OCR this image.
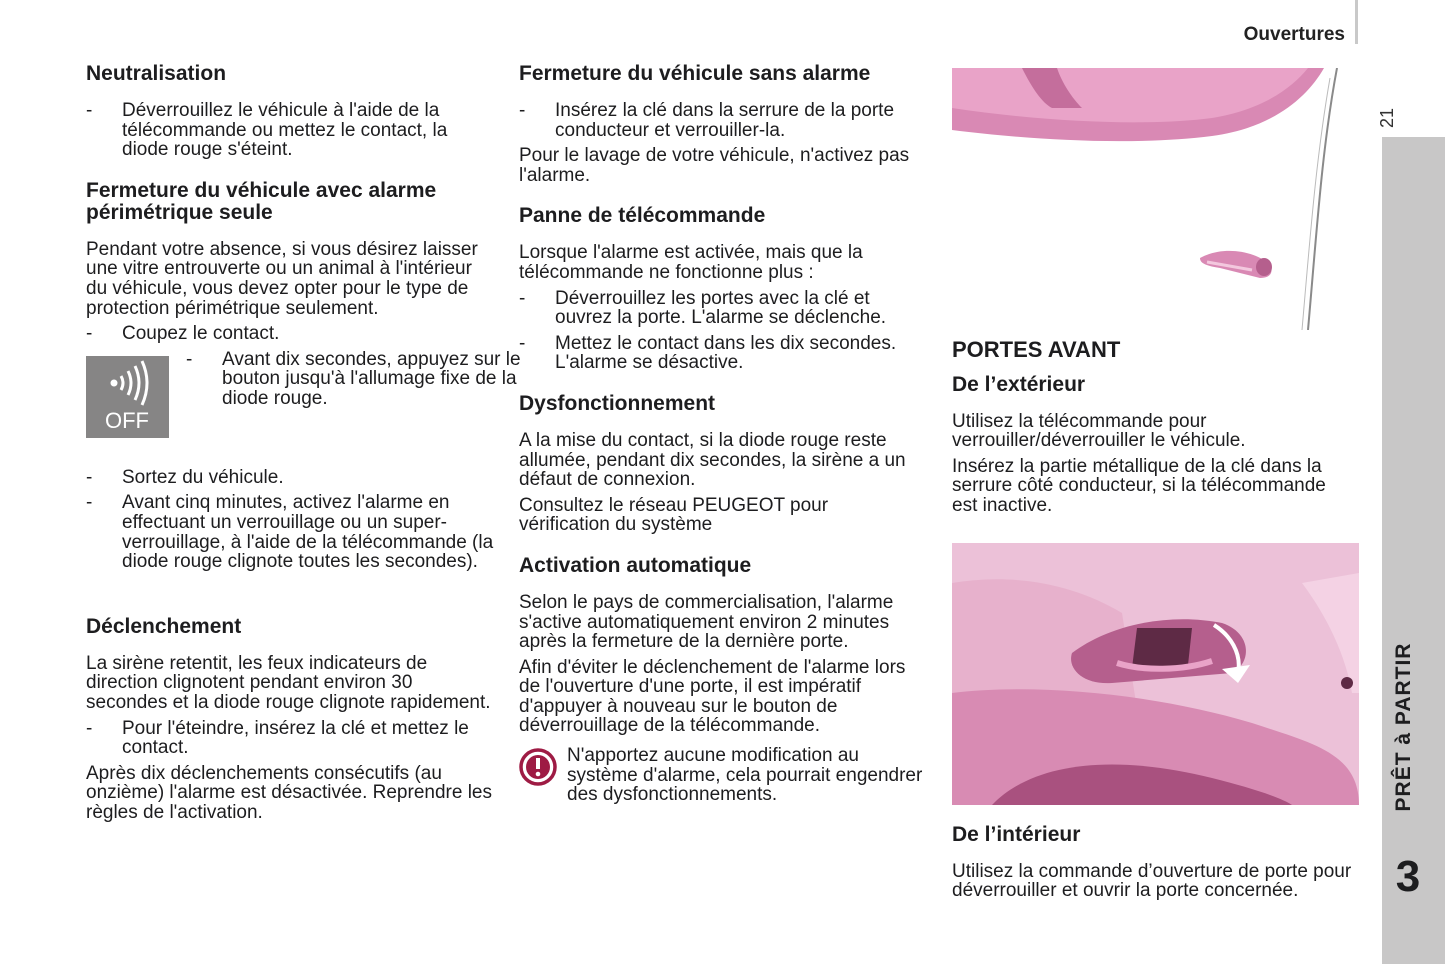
Ouvertures
21
PRÊT à PARTIR
3
Neutralisation
- Déverrouillez le véhicule à l'aide de la télécommande ou mettez le contact, la diode rouge s'éteint.
Fermeture du véhicule avec alarme périmétrique seule

Pendant votre absence, si vous désirez laisser une vitre entrouverte ou un animal à l'intérieur du véhicule, vous devez opter pour le type de protection périmétrique seulement.

- Coupez le contact.
OFF
- Avant dix secondes, appuyez sur le bouton jusqu'à l'allumage fixe de la diode rouge.
- Sortez du véhicule.
- Avant cinq minutes, activez l'alarme en effectuant un verrouillage ou un super-verrouillage, à l'aide de la télécommande (la diode rouge clignote toutes les secondes).
Déclenchement

La sirène retentit, les feux indicateurs de direction clignotent pendant environ 30 secondes et la diode rouge clignote rapidement.

- Pour l'éteindre, insérez la clé et mettez le contact.

Après dix déclenchements consécutifs (au onzième) l'alarme est désactivée. Reprendre les règles de l'activation.

Fermeture du véhicule sans alarme
- Insérez la clé dans la serrure de la porte conducteur et verrouiller-la.

Pour le lavage de votre véhicule, n'activez pas l'alarme.

Panne de télécommande

Lorsque l'alarme est activée, mais que la télécommande ne fonctionne plus :

- Déverrouillez les portes avec la clé et ouvrez la porte. L'alarme se déclenche.
- Mettez le contact dans les dix secondes. L'alarme se désactive.
Dysfonctionnement

A la mise du contact, si la diode rouge reste allumée, pendant dix secondes, la sirène a un défaut de connexion.

Consultez le réseau PEUGEOT pour vérification du système

Activation automatique

Selon le pays de commercialisation, l'alarme s'active automatiquement environ 2 minutes après la fermeture de la dernière porte.

Afin d'éviter le déclenchement de l'alarme lors de l'ouverture d'une porte, il est impératif d'appuyer à nouveau sur le bouton de déverrouillage de la télécommande.

N'apportez aucune modification au système d'alarme, cela pourrait engendrer des dysfonctionnements.
PORTES AVANT
De l’extérieur

Utilisez la télécommande pour verrouiller/déverrouiller le véhicule.

Insérez la partie métallique de la clé dans la serrure côté conducteur, si la télécommande est inactive.

De l’intérieur

Utilisez la commande d’ouverture de porte pour déverrouiller et ouvrir la porte concernée.
